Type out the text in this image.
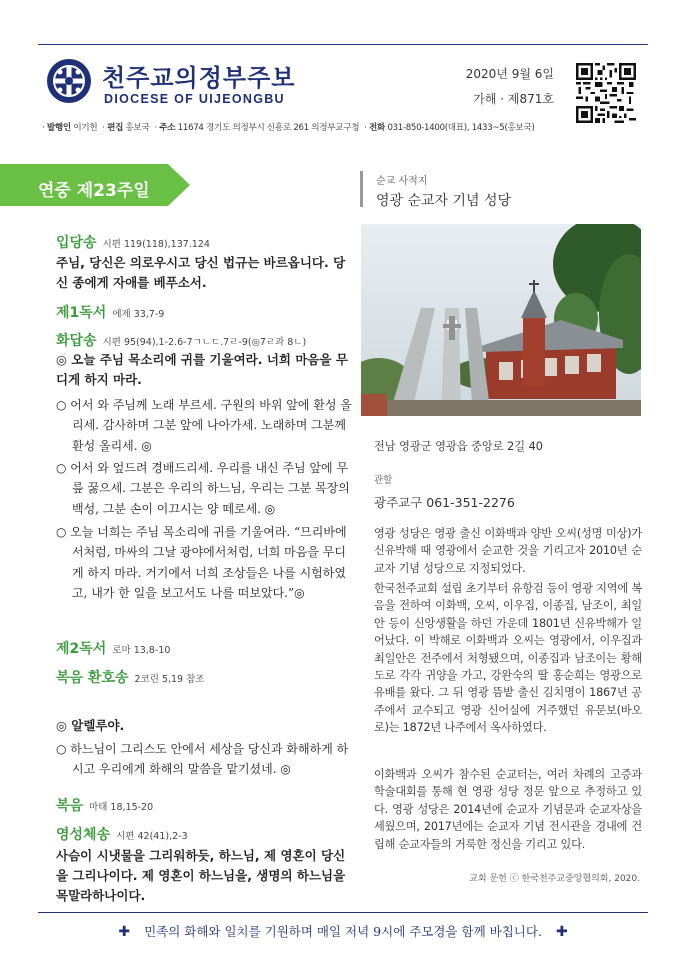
천주교의정부주보
DIOCESE OF UIJEONGBU
2020년 9월 6일
가해 · 제871호
· 발행인 이기헌  · 편집 홍보국  · 주소 11674 경기도 의정부시 신흥로 261 의정부교구청  · 전화 031-850-1400(대표), 1433~5(홍보국)
연중 제23주일
입당송 시편 119(118),137.124
주님, 당신은 의로우시고 당신 법규는 바르옵니다. 당신 종에게 자애를 베푸소서.
제1독서 에제 33,7-9
화답송 시편 95(94),1-2.6-7ㄱㄴㄷ.7ㄹ-9(◎7ㄹ과 8ㄴ)
◎ 오늘 주님 목소리에 귀를 기울여라. 너희 마음을 무디게 하지 마라.
○ 어서 와 주님께 노래 부르세. 구원의 바위 앞에 환성 올리세. 감사하며 그분 앞에 나아가세. 노래하며 그분께 환성 올리세. ◎
○ 어서 와 엎드려 경배드리세. 우리를 내신 주님 앞에 무릎 꿇으세. 그분은 우리의 하느님, 우리는 그분 목장의 백성, 그분 손이 이끄시는 양 떼로세. ◎
○ 오늘 너희는 주님 목소리에 귀를 기울여라. “므리바에서처럼, 마싸의 그날 광야에서처럼, 너희 마음을 무디게 하지 마라. 거기에서 너희 조상들은 나를 시험하였고, 내가 한 일을 보고서도 나를 떠보았다.”◎
제2독서 로마 13,8-10
복음 환호송 2코린 5,19 참조
◎ 알렐루야.
○ 하느님이 그리스도 안에서 세상을 당신과 화해하게 하시고 우리에게 화해의 말씀을 맡기셨네. ◎
복음 마태 18,15-20
영성체송 시편 42(41),2-3
사슴이 시냇물을 그리워하듯, 하느님, 제 영혼이 당신을 그리나이다. 제 영혼이 하느님을, 생명의 하느님을 목말라하나이다.
순교 사적지
영광 순교자 기념 성당
전남 영광군 영광읍 중앙로 2길 40
관할
광주교구 061-351-2276
영광 성당은 영광 출신 이화백과 양반 오씨(성명 미상)가 신유박해 때 영광에서 순교한 것을 기리고자 2010년 순교자 기념 성당으로 지정되었다.
한국천주교회 설립 초기부터 유항검 등이 영광 지역에 복음을 전하여 이화백, 오씨, 이우집, 이종집, 남조이, 최일안 등이 신앙생활을 하던 가운데 1801년 신유박해가 일어났다. 이 박해로 이화백과 오씨는 영광에서, 이우집과 최일안은 전주에서 처형됐으며, 이종집과 남조이는 황해도로 각각 귀양을 가고, 강완숙의 딸 홍순희는 영광으로 유배를 왔다. 그 뒤 영광 뜸밭 출신 김치명이 1867년 공주에서 교수되고 영광 신어실에 거주했던 유문보(바오로)는 1872년 나주에서 옥사하였다.
이화백과 오씨가 참수된 순교터는, 여러 차례의 고증과 학술대회를 통해 현 영광 성당 정문 앞으로 추정하고 있다. 영광 성당은 2014년에 순교자 기념문과 순교자상을 세웠으며, 2017년에는 순교자 기념 전시관을 경내에 건립해 순교자들의 거룩한 정신을 기리고 있다.
교회 문헌 ⓒ 한국천주교중앙협의회, 2020.
✚ 민족의 화해와 일치를 기원하며 매일 저녁 9시에 주모경을 함께 바칩니다. ✚
